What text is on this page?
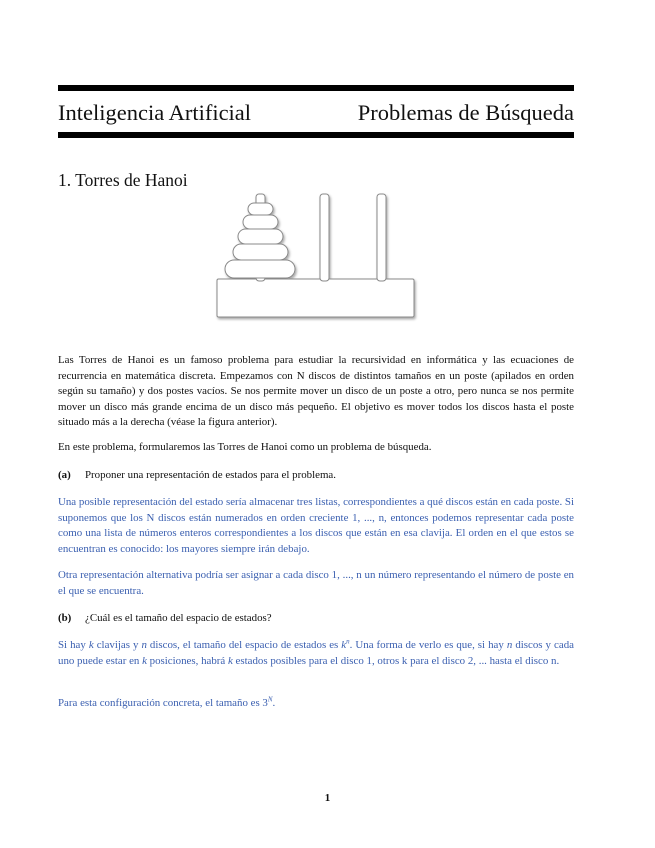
Inteligencia Artificial	Problemas de Búsqueda
1. Torres de Hanoi
Las Torres de Hanoi es un famoso problema para estudiar la recursividad en informática y las ecuaciones de recurrencia en matemática discreta. Empezamos con N discos de distintos tamaños en un poste (apilados en orden según su tamaño) y dos postes vacíos. Se nos permite mover un disco de un poste a otro, pero nunca se nos permite mover un disco más grande encima de un disco más pequeño. El objetivo es mover todos los discos hasta el poste situado más a la derecha (véase la figura anterior).
En este problema, formularemos las Torres de Hanoi como un problema de búsqueda.
(a) Proponer una representación de estados para el problema.
Una posible representación del estado sería almacenar tres listas, correspondientes a qué discos están en cada poste. Si suponemos que los N discos están numerados en orden creciente 1, ..., n, entonces podemos representar cada poste como una lista de números enteros correspondientes a los discos que están en esa clavija. El orden en el que estos se encuentran es conocido: los mayores siempre irán debajo.
Otra representación alternativa podría ser asignar a cada disco 1, ..., n un número representando el número de poste en el que se encuentra.
(b) ¿Cuál es el tamaño del espacio de estados?
Si hay k clavijas y n discos, el tamaño del espacio de estados es $k^n$. Una forma de verlo es que, si hay n discos y cada uno puede estar en k posiciones, habrá k estados posibles para el disco 1, otros k para el disco 2, ... hasta el disco n.
Para esta configuración concreta, el tamaño es $3^N$.
1
